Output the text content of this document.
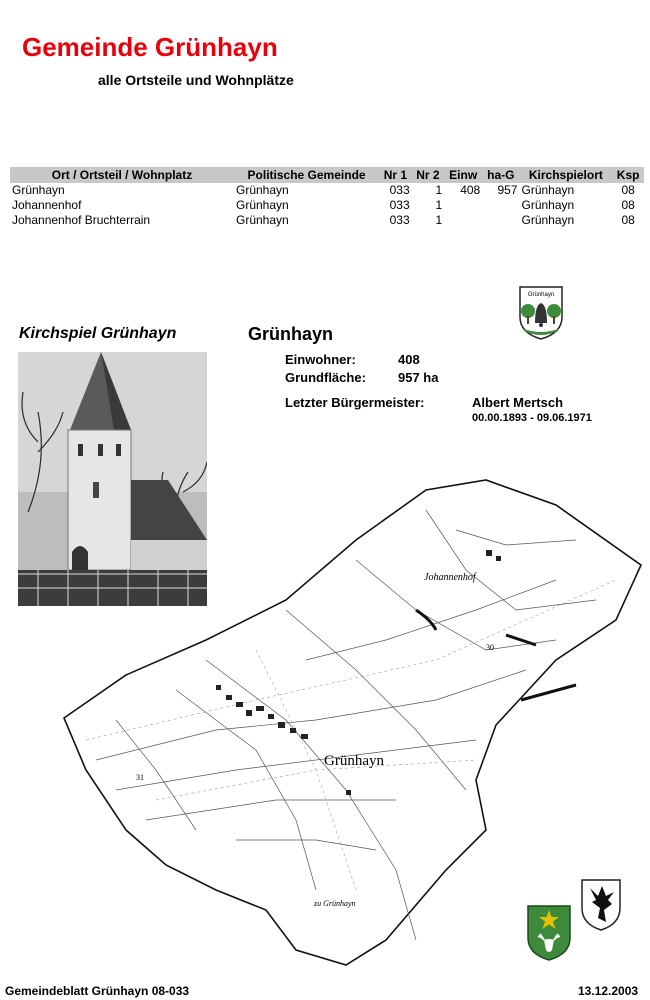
Gemeinde Grünhayn
alle Ortsteile und Wohnplätze
Ort / Ortsteil / Wohnplatz	Politische Gemeinde	Nr 1	Nr 2	Einw	ha-G	Kirchspielort	Ksp
Grünhayn	Grünhayn	033	1	408	957	Grünhayn	08
Johannenhof	Grünhayn	033	1			Grünhayn	08
Johannenhof Bruchterrain	Grünhayn	033	1			Grünhayn	08
Grünhayn
Kirchspiel Grünhayn	Grünhayn
Einwohner:	408
Grundfläche: 957 ha
Letzter Bürgermeister:	Albert Mertsch
00.00.1893 - 09.06.1971
Grünhayn
Johannenhof
zu Grünhayn
30
31
Gemeindeblatt Grünhayn 08-033	13.12.2003
